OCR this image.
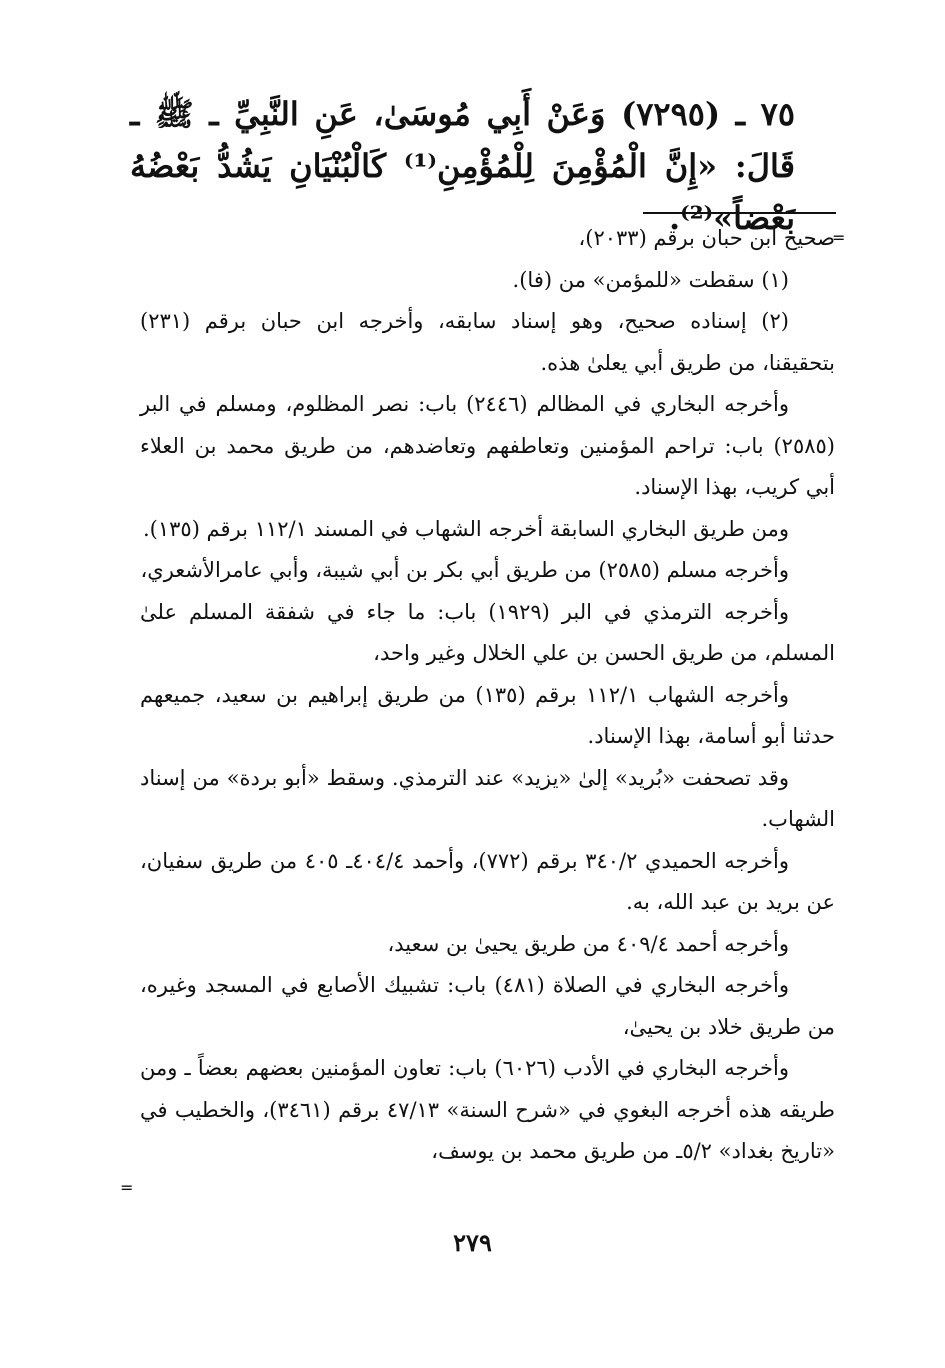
٧٥ ـ (٧٢٩٥) وَعَنْ أَبِي مُوسَىٰ، عَنِ النَّبِيِّ ـ ﷺ ـ قَالَ: «إِنَّ الْمُؤْمِنَ لِلْمُؤْمِنِ⁽¹⁾ كَالْبُنْيَانِ يَشُدُّ بَعْضُهُ بَعْضاً»⁽²⁾.
=

صحيح ابن حبان برقم (٢٠٣٣)،

(١) سقطت «للمؤمن» من (فا).

(٢) إسناده صحيح، وهو إسناد سابقه، وأخرجه ابن حبان برقم (٢٣١) بتحقيقنا، من طريق أبي يعلىٰ هذه.

وأخرجه البخاري في المظالم (٢٤٤٦) باب: نصر المظلوم، ومسلم في البر (٢٥٨٥) باب: تراحم المؤمنين وتعاطفهم وتعاضدهم، من طريق محمد بن العلاء أبي كريب، بهذا الإسناد.

ومن طريق البخاري السابقة أخرجه الشهاب في المسند ١١٢/١ برقم (١٣٥).

وأخرجه مسلم (٢٥٨٥) من طريق أبي بكر بن أبي شيبة، وأبي عامرالأشعري،

وأخرجه الترمذي في البر (١٩٢٩) باب: ما جاء في شفقة المسلم علىٰ المسلم، من طريق الحسن بن علي الخلال وغير واحد،

وأخرجه الشهاب ١١٢/١ برقم (١٣٥) من طريق إبراهيم بن سعيد، جميعهم حدثنا أبو أسامة، بهذا الإسناد.

وقد تصحفت «بُريد» إلىٰ «يزيد» عند الترمذي. وسقط «أبو بردة» من إسناد الشهاب.

وأخرجه الحميدي ٣٤٠/٢ برقم (٧٧٢)، وأحمد ٤٠٤/٤ـ ٤٠٥ من طريق سفيان، عن بريد بن عبد الله، به.

وأخرجه أحمد ٤٠٩/٤ من طريق يحيىٰ بن سعيد،

وأخرجه البخاري في الصلاة (٤٨١) باب: تشبيك الأصابع في المسجد وغيره، من طريق خلاد بن يحيىٰ،

وأخرجه البخاري في الأدب (٦٠٢٦) باب: تعاون المؤمنين بعضهم بعضاً ـ ومن طريقه هذه أخرجه البغوي في «شرح السنة» ٤٧/١٣ برقم (٣٤٦١)، والخطيب في «تاريخ بغداد» ٥/٢ـ من طريق محمد بن يوسف،

=
٢٧٩
